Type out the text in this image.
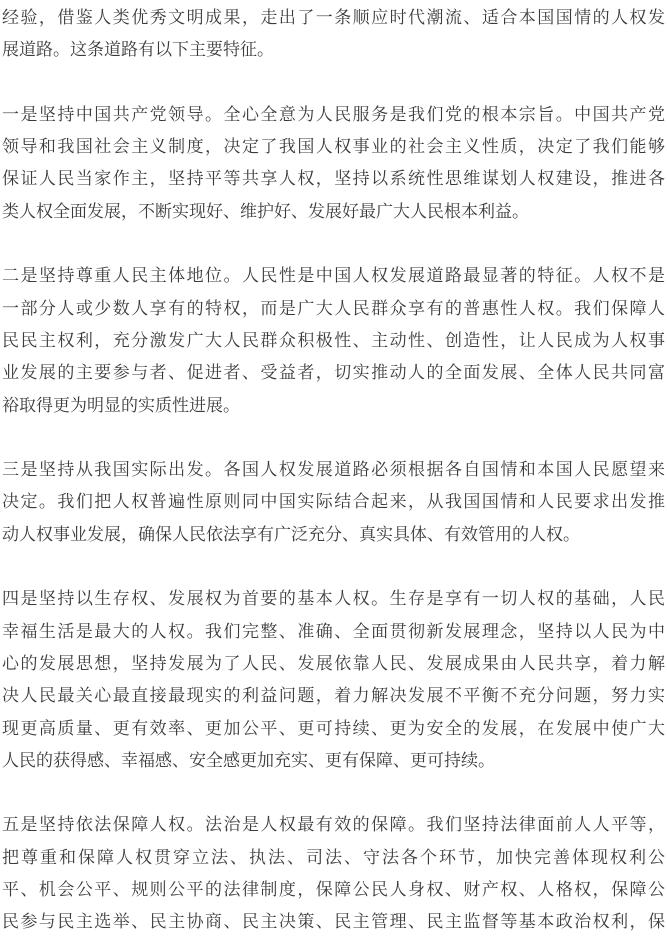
经验，借鉴人类优秀文明成果，走出了一条顺应时代潮流、适合本国国情的人权发
展道路。这条道路有以下主要特征。
一是坚持中国共产党领导。全心全意为人民服务是我们党的根本宗旨。中国共产党
领导和我国社会主义制度，决定了我国人权事业的社会主义性质，决定了我们能够
保证人民当家作主，坚持平等共享人权，坚持以系统性思维谋划人权建设，推进各
类人权全面发展，不断实现好、维护好、发展好最广大人民根本利益。
二是坚持尊重人民主体地位。人民性是中国人权发展道路最显著的特征。人权不是
一部分人或少数人享有的特权，而是广大人民群众享有的普惠性人权。我们保障人
民民主权利，充分激发广大人民群众积极性、主动性、创造性，让人民成为人权事
业发展的主要参与者、促进者、受益者，切实推动人的全面发展、全体人民共同富
裕取得更为明显的实质性进展。
三是坚持从我国实际出发。各国人权发展道路必须根据各自国情和本国人民愿望来
决定。我们把人权普遍性原则同中国实际结合起来，从我国国情和人民要求出发推
动人权事业发展，确保人民依法享有广泛充分、真实具体、有效管用的人权。
四是坚持以生存权、发展权为首要的基本人权。生存是享有一切人权的基础，人民
幸福生活是最大的人权。我们完整、准确、全面贯彻新发展理念，坚持以人民为中
心的发展思想，坚持发展为了人民、发展依靠人民、发展成果由人民共享，着力解
决人民最关心最直接最现实的利益问题，着力解决发展不平衡不充分问题，努力实
现更高质量、更有效率、更加公平、更可持续、更为安全的发展，在发展中使广大
人民的获得感、幸福感、安全感更加充实、更有保障、更可持续。
五是坚持依法保障人权。法治是人权最有效的保障。我们坚持法律面前人人平等，
把尊重和保障人权贯穿立法、执法、司法、守法各个环节，加快完善体现权利公
平、机会公平、规则公平的法律制度，保障公民人身权、财产权、人格权，保障公
民参与民主选举、民主协商、民主决策、民主管理、民主监督等基本政治权利，保
